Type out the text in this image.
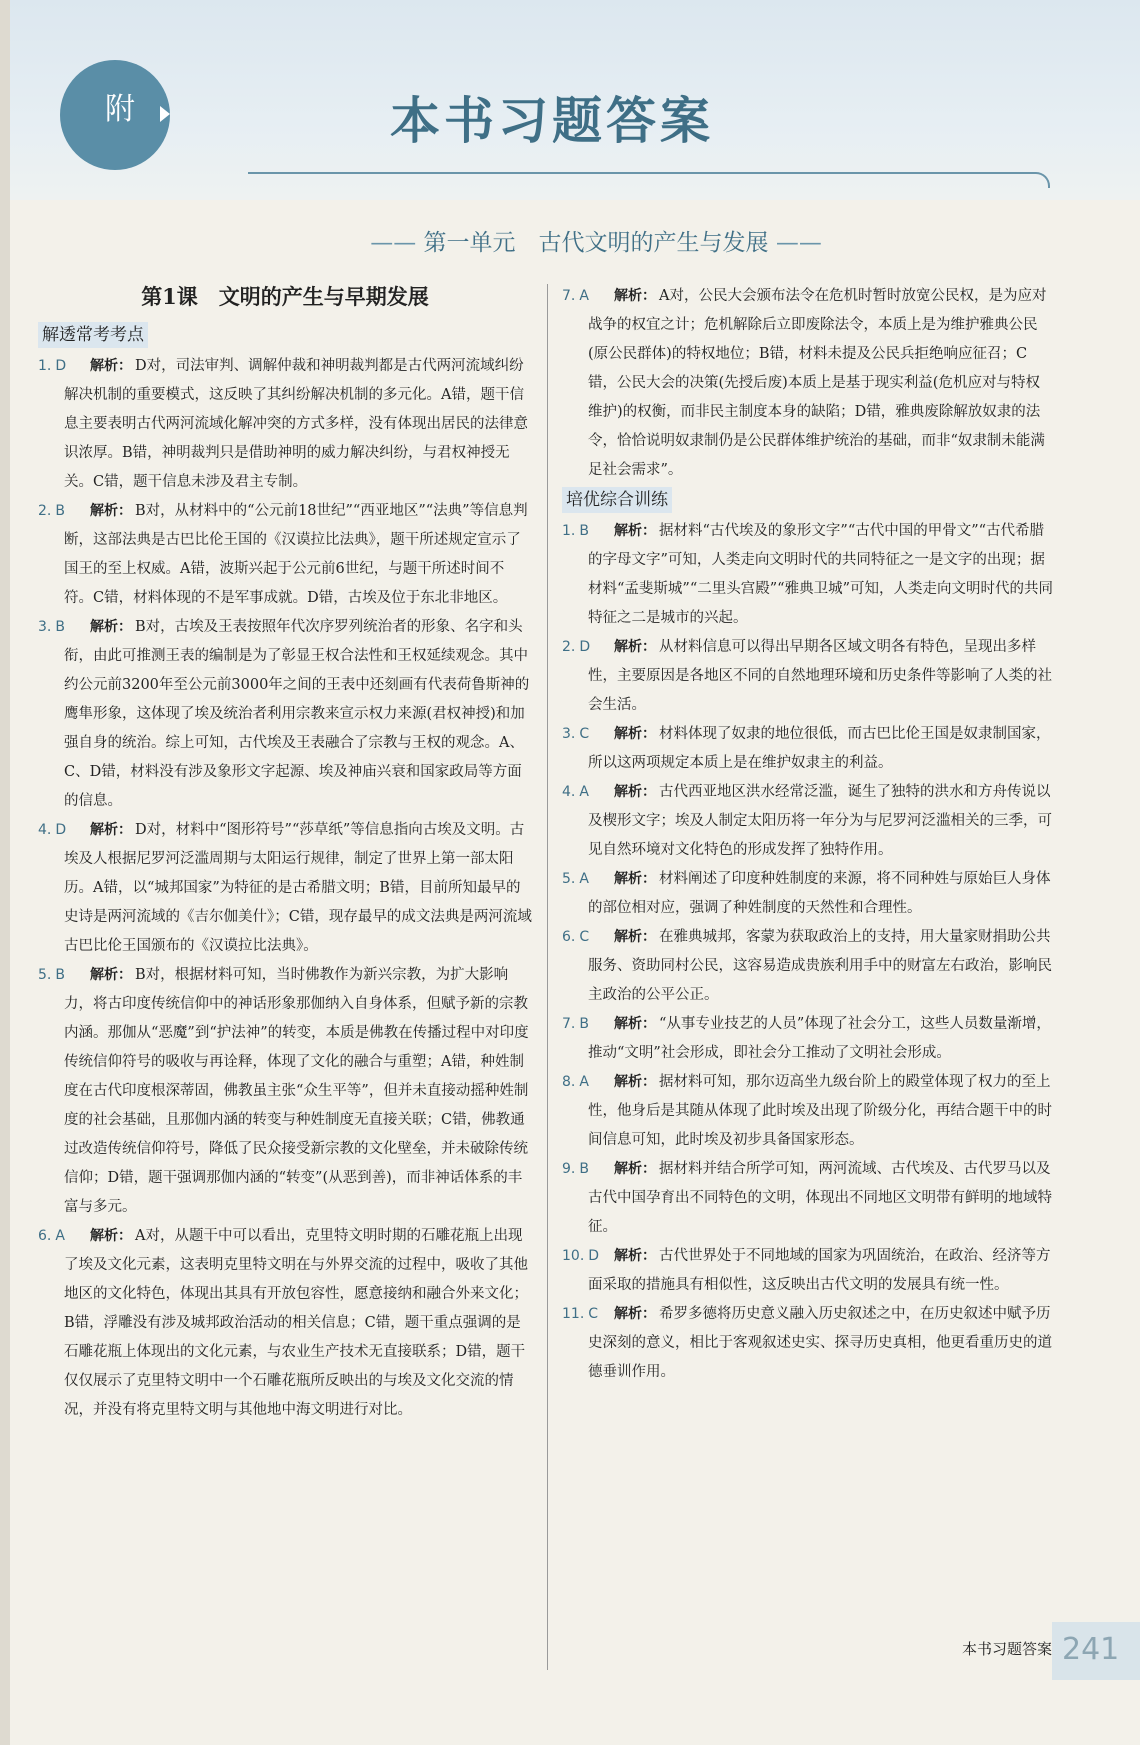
附	本书习题答案
—— 第一单元　古代文明的产生与发展 ——
第1课　文明的产生与早期发展
解透常考考点

1. D	解析： D对，司法审判、调解仲裁和神明裁判都是古代两河流域纠纷解决机制的重要模式，这反映了其纠纷解决机制的多元化。A错，题干信息主要表明古代两河流域化解冲突的方式多样，没有体现出居民的法律意识浓厚。B错，神明裁判只是借助神明的威力解决纠纷，与君权神授无关。C错，题干信息未涉及君主专制。

2. B	解析： B对，从材料中的“公元前18世纪”“西亚地区”“法典”等信息判断，这部法典是古巴比伦王国的《汉谟拉比法典》，题干所述规定宣示了国王的至上权威。A错，波斯兴起于公元前6世纪，与题干所述时间不符。C错，材料体现的不是军事成就。D错，古埃及位于东北非地区。

3. B	解析： B对，古埃及王表按照年代次序罗列统治者的形象、名字和头衔，由此可推测王表的编制是为了彰显王权合法性和王权延续观念。其中约公元前3200年至公元前3000年之间的王表中还刻画有代表荷鲁斯神的鹰隼形象，这体现了埃及统治者利用宗教来宣示权力来源(君权神授)和加强自身的统治。综上可知，古代埃及王表融合了宗教与王权的观念。A、C、D错，材料没有涉及象形文字起源、埃及神庙兴衰和国家政局等方面的信息。

4. D	解析： D对，材料中“图形符号”“莎草纸”等信息指向古埃及文明。古埃及人根据尼罗河泛滥周期与太阳运行规律，制定了世界上第一部太阳历。A错，以“城邦国家”为特征的是古希腊文明；B错，目前所知最早的史诗是两河流域的《吉尔伽美什》；C错，现存最早的成文法典是两河流域古巴比伦王国颁布的《汉谟拉比法典》。

5. B	解析： B对，根据材料可知，当时佛教作为新兴宗教，为扩大影响力，将古印度传统信仰中的神话形象那伽纳入自身体系，但赋予新的宗教内涵。那伽从“恶魔”到“护法神”的转变，本质是佛教在传播过程中对印度传统信仰符号的吸收与再诠释，体现了文化的融合与重塑；A错，种姓制度在古代印度根深蒂固，佛教虽主张“众生平等”，但并未直接动摇种姓制度的社会基础，且那伽内涵的转变与种姓制度无直接关联；C错，佛教通过改造传统信仰符号，降低了民众接受新宗教的文化壁垒，并未破除传统信仰；D错，题干强调那伽内涵的“转变”(从恶到善)，而非神话体系的丰富与多元。

6. A	解析： A对，从题干中可以看出，克里特文明时期的石雕花瓶上出现了埃及文化元素，这表明克里特文明在与外界交流的过程中，吸收了其他地区的文化特色，体现出其具有开放包容性，愿意接纳和融合外来文化；B错，浮雕没有涉及城邦政治活动的相关信息；C错，题干重点强调的是石雕花瓶上体现出的文化元素，与农业生产技术无直接联系；D错，题干仅仅展示了克里特文明中一个石雕花瓶所反映出的与埃及文化交流的情况，并没有将克里特文明与其他地中海文明进行对比。

7. A	解析： A对，公民大会颁布法令在危机时暂时放宽公民权，是为应对战争的权宜之计；危机解除后立即废除法令，本质上是为维护雅典公民(原公民群体)的特权地位；B错，材料未提及公民兵拒绝响应征召；C错，公民大会的决策(先授后废)本质上是基于现实利益(危机应对与特权维护)的权衡，而非民主制度本身的缺陷；D错，雅典废除解放奴隶的法令，恰恰说明奴隶制仍是公民群体维护统治的基础，而非“奴隶制未能满足社会需求”。

培优综合训练

1. B	解析： 据材料“古代埃及的象形文字”“古代中国的甲骨文”“古代希腊的字母文字”可知，人类走向文明时代的共同特征之一是文字的出现；据材料“孟斐斯城”“二里头宫殿”“雅典卫城”可知，人类走向文明时代的共同特征之二是城市的兴起。

2. D	解析： 从材料信息可以得出早期各区域文明各有特色，呈现出多样性，主要原因是各地区不同的自然地理环境和历史条件等影响了人类的社会生活。

3. C	解析： 材料体现了奴隶的地位很低，而古巴比伦王国是奴隶制国家，所以这两项规定本质上是在维护奴隶主的利益。

4. A	解析： 古代西亚地区洪水经常泛滥，诞生了独特的洪水和方舟传说以及楔形文字；埃及人制定太阳历将一年分为与尼罗河泛滥相关的三季，可见自然环境对文化特色的形成发挥了独特作用。

5. A	解析： 材料阐述了印度种姓制度的来源，将不同种姓与原始巨人身体的部位相对应，强调了种姓制度的天然性和合理性。

6. C	解析： 在雅典城邦，客蒙为获取政治上的支持，用大量家财捐助公共服务、资助同村公民，这容易造成贵族利用手中的财富左右政治，影响民主政治的公平公正。

7. B	解析： “从事专业技艺的人员”体现了社会分工，这些人员数量渐增，推动“文明”社会形成，即社会分工推动了文明社会形成。

8. A	解析： 据材料可知，那尔迈高坐九级台阶上的殿堂体现了权力的至上性，他身后是其随从体现了此时埃及出现了阶级分化，再结合题干中的时间信息可知，此时埃及初步具备国家形态。

9. B	解析： 据材料并结合所学可知，两河流域、古代埃及、古代罗马以及古代中国孕育出不同特色的文明，体现出不同地区文明带有鲜明的地域特征。

10. D 解析： 古代世界处于不同地域的国家为巩固统治，在政治、经济等方面采取的措施具有相似性，这反映出古代文明的发展具有统一性。

11. C 解析： 希罗多德将历史意义融入历史叙述之中，在历史叙述中赋予历史深刻的意义，相比于客观叙述史实、探寻历史真相，他更看重历史的道德垂训作用。

本书习题答案 241
